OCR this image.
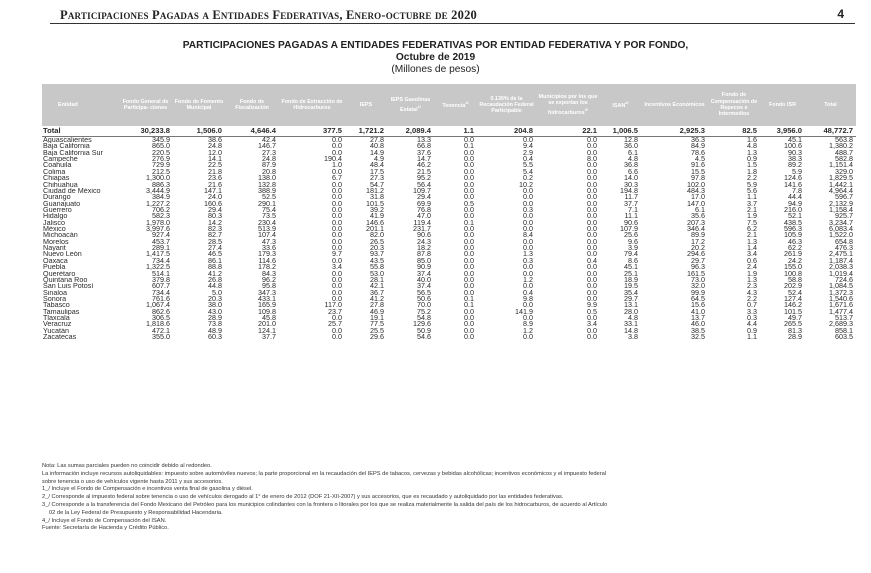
Participaciones Pagadas a Entidades Federativas, Enero-octubre de 2020	4
PARTICIPACIONES PAGADAS A ENTIDADES FEDERATIVAS POR ENTIDAD FEDERATIVA Y POR FONDO,
Octubre de 2019
(Millones de pesos)
Entidad	Fondo General de Participa- ciones	Fondo de Fomento Municipal	Fondo de Fiscalización	Fondo de Extracción de Hidrocarburos	IEPS	IEPS Gasolinas Estatal$^{1/}$	Tenencia$^{2/}$	0.136% de la Recaudación Federal Participable	Municipios por los que se exportan los hidrocarburos$^{3/}$	$ISAN^{4/}$	Incentivos Económicos	Fondo de Compensación de Repecos e Intermedios	Fondo ISR	Total
Total	30,233.8	1,506.0	4,646.4	377.5	1,721.2	2,089.4	1.1	204.8	22.1	1,006.5	2,925.3	82.5	3,956.0	48,772.7
Aguascalientes	345.9	38.6	42.4	0.0	27.8	13.3	0.0	0.0	0.0	12.8	36.3	1.6	45.1	563.8
Baja California	865.0	24.8	146.7	0.0	40.8	66.8	0.1	9.4	0.0	36.0	84.9	4.8	100.6	1,380.2
Baja California Sur	220.5	12.0	27.3	0.0	14.9	37.6	0.0	2.9	0.0	6.1	78.6	1.3	90.3	488.7
Campeche	276.9	14.1	24.8	190.4	4.9	14.7	0.0	0.4	8.0	4.8	4.5	0.9	38.3	582.8
Coahuila	729.9	22.5	87.9	1.0	48.4	46.2	0.0	5.5	0.0	36.8	91.6	1.5	89.2	1,151.4
Colima	212.5	21.8	20.8	0.0	17.5	21.5	0.0	5.4	0.0	6.6	15.5	1.8	5.9	329.0
Chiapas	1,300.0	23.6	138.0	6.7	27.3	95.2	0.0	0.2	0.0	14.0	97.8	2.2	124.6	1,829.5
Chihuahua	886.3	21.6	132.8	0.0	54.7	56.4	0.0	10.2	0.0	30.3	102.0	5.9	141.6	1,442.1
Ciudad de México	3,444.9	147.1	388.9	0.0	181.2	109.7	0.0	0.0	0.0	194.8	484.3	5.6	7.8	4,964.4
Durango	384.9	24.0	52.5	0.0	31.8	29.4	0.0	0.0	0.0	11.7	17.0	1.1	44.4	596.7
Guanajuato	1,227.2	160.6	290.1	0.0	101.5	69.9	0.5	0.0	0.0	37.7	147.0	3.7	94.9	2,132.9
Guerrero	706.2	29.4	75.4	0.0	39.2	76.8	0.0	0.3	0.0	7.1	6.1	2.1	216.0	1,158.4
Hidalgo	582.3	80.3	73.5	0.0	41.9	47.0	0.0	0.0	0.0	11.1	35.6	1.9	52.1	925.7
Jalisco	1,978.0	14.2	230.4	0.0	146.6	119.4	0.1	0.0	0.0	90.6	207.3	7.5	438.5	3,234.7
México	3,997.6	82.3	513.9	0.0	201.1	231.7	0.0	0.0	0.0	107.9	346.4	6.2	596.3	6,083.4
Michoacán	927.4	82.7	107.4	0.0	82.0	90.6	0.0	8.4	0.0	25.6	89.9	2.1	105.9	1,522.0
Morelos	453.7	28.5	47.3	0.0	26.5	24.3	0.0	0.0	0.0	9.6	17.2	1.3	46.3	654.8
Nayarit	289.1	27.4	33.6	0.0	20.3	18.2	0.0	0.0	0.0	3.9	20.2	1.4	62.2	476.3
Nuevo León	1,417.5	46.5	179.3	9.7	93.7	87.8	0.0	1.3	0.0	79.4	294.6	3.4	261.9	2,475.1
Oaxaca	734.4	86.1	114.6	0.0	43.5	85.0	0.0	0.3	0.4	8.6	29.7	0.6	24.2	1,187.4
Puebla	1,322.5	88.8	178.2	3.4	55.8	90.9	0.0	0.0	0.0	45.1	96.3	2.4	155.0	2,038.3
Querétaro	514.1	41.2	84.3	0.0	53.0	37.4	0.0	0.0	0.0	25.1	161.5	1.9	100.8	1,019.4
Quintana Roo	379.8	26.8	96.2	0.0	28.1	40.0	0.0	1.2	0.0	18.9	73.0	1.3	58.8	724.6
San Luis Potosí	607.7	44.8	95.8	0.0	42.1	37.4	0.0	0.0	0.0	19.5	32.0	2.3	202.9	1,084.5
Sinaloa	734.4	5.0	347.3	0.0	36.7	56.5	0.0	0.4	0.0	35.4	99.9	4.3	52.4	1,372.3
Sonora	761.6	20.3	433.1	0.0	41.2	50.6	0.1	9.8	0.0	29.7	64.5	2.2	127.4	1,540.6
Tabasco	1,067.4	38.0	165.9	117.0	27.8	70.0	0.1	0.0	9.9	13.1	15.6	0.7	146.2	1,671.6
Tamaulipas	862.6	43.0	109.8	23.7	46.9	75.2	0.0	141.9	0.5	28.0	41.0	3.3	101.5	1,477.4
Tlaxcala	306.5	28.9	45.8	0.0	19.1	54.8	0.0	0.0	0.0	4.8	13.7	0.3	49.7	513.7
Veracruz	1,818.6	73.8	201.0	25.7	77.5	129.6	0.0	8.9	3.4	33.1	46.0	4.4	265.5	2,689.3
Yucatán	472.1	48.9	124.1	0.0	25.5	50.9	0.0	1.2	0.0	14.8	38.5	0.9	81.3	858.1
Zacatecas	355.0	60.3	37.7	0.0	29.6	54.6	0.0	0.0	0.0	3.8	32.5	1.1	28.9	603.5

Nota: Las sumas parciales pueden no coincidir debido al redondeo.

La información incluye recursos autoliquidables: impuesto sobre automóviles nuevos; la parte proporcional en la recaudación del IEPS de tabacos, cervezas y bebidas alcohólicas; incentivos económicos y el impuesto federal

sobre tenencia o uso de vehículos vigente hasta 2011 y sus accesorios.

1_/ Incluye el Fondo de Compensación e incentivos venta final de gasolina y diésel.

2_/ Corresponde al impuesto federal sobre tenencia o uso de vehículos derogado al 1° de enero de 2012 (DOF 21-XII-2007) y sus accesorios, que es recaudado y autoliquidado por las entidades federativas.

3_/ Corresponde a la transferencia del Fondo Mexicano del Petróleo para los municipios colindantes con la frontera o litorales por los que se realiza materialmente la salida del país de los hidrocarburos, de acuerdo al Artículo

02 de la Ley Federal de Presupuesto y Responsabilidad Hacendaria.

4_/ Incluye el Fondo de Compensación del ISAN.

Fuente: Secretaría de Hacienda y Crédito Público.
